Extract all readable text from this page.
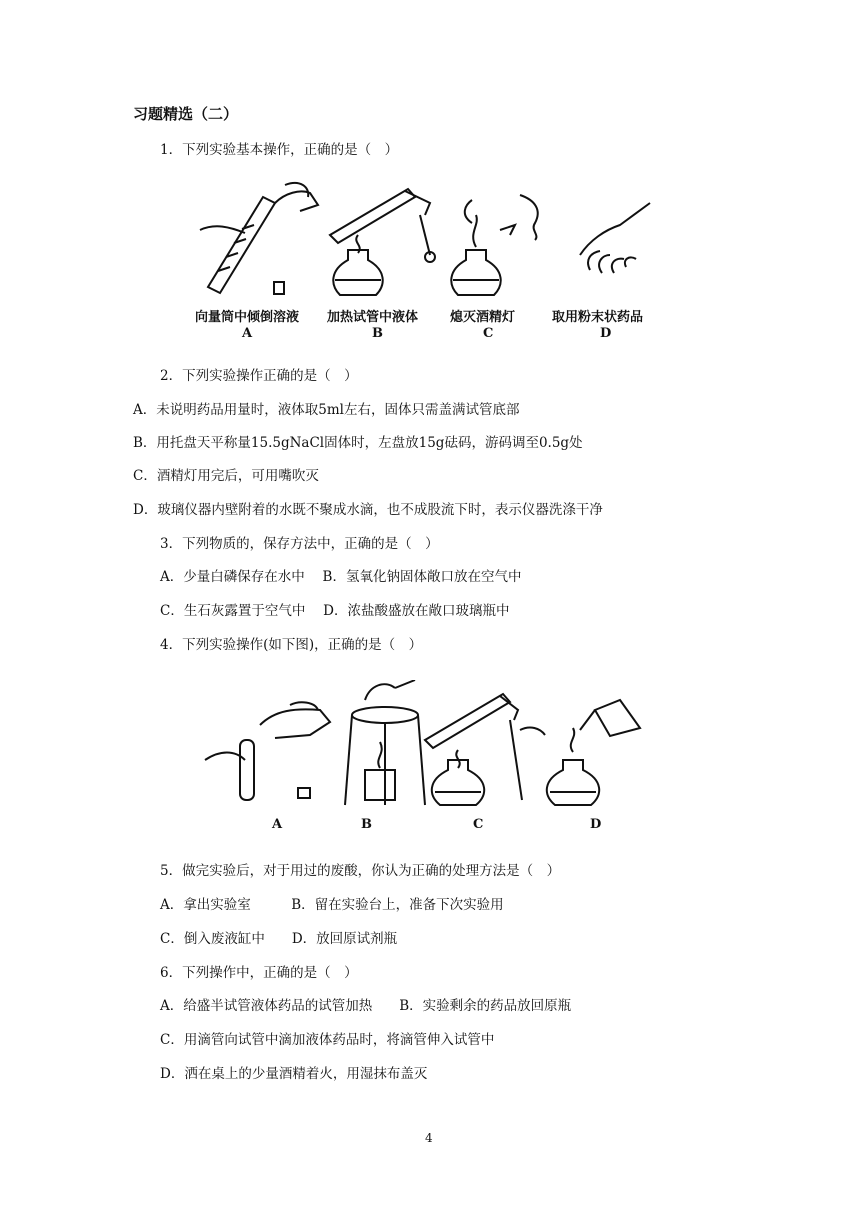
习题精选（二）
1．下列实验基本操作，正确的是（　）
向量筒中倾倒溶液 加热试管中液体 熄灭酒精灯	取用粉末状药品
A	B	C	D
2．下列实验操作正确的是（　）
A．未说明药品用量时，液体取5ml左右，固体只需盖满试管底部
B．用托盘天平称量15.5gNaCl固体时，左盘放15g砝码，游码调至0.5g处
C．酒精灯用完后，可用嘴吹灭
D．玻璃仪器内壁附着的水既不聚成水滴，也不成股流下时，表示仪器洗涤干净
3．下列物质的，保存方法中，正确的是（　）
A．少量白磷保存在水中　 B．氢氧化钠固体敞口放在空气中
C．生石灰露置于空气中　 D．浓盐酸盛放在敞口玻璃瓶中
4．下列实验操作(如下图)，正确的是（　）
A	B	C	D
5．做完实验后，对于用过的废酸，你认为正确的处理方法是（　）
A．拿出实验室　　　B．留在实验台上，准备下次实验用
C．倒入废液缸中　　D．放回原试剂瓶
6．下列操作中，正确的是（　）
A．给盛半试管液体药品的试管加热　　B．实验剩余的药品放回原瓶
C．用滴管向试管中滴加液体药品时，将滴管伸入试管中
D．洒在桌上的少量酒精着火，用湿抹布盖灭
4
